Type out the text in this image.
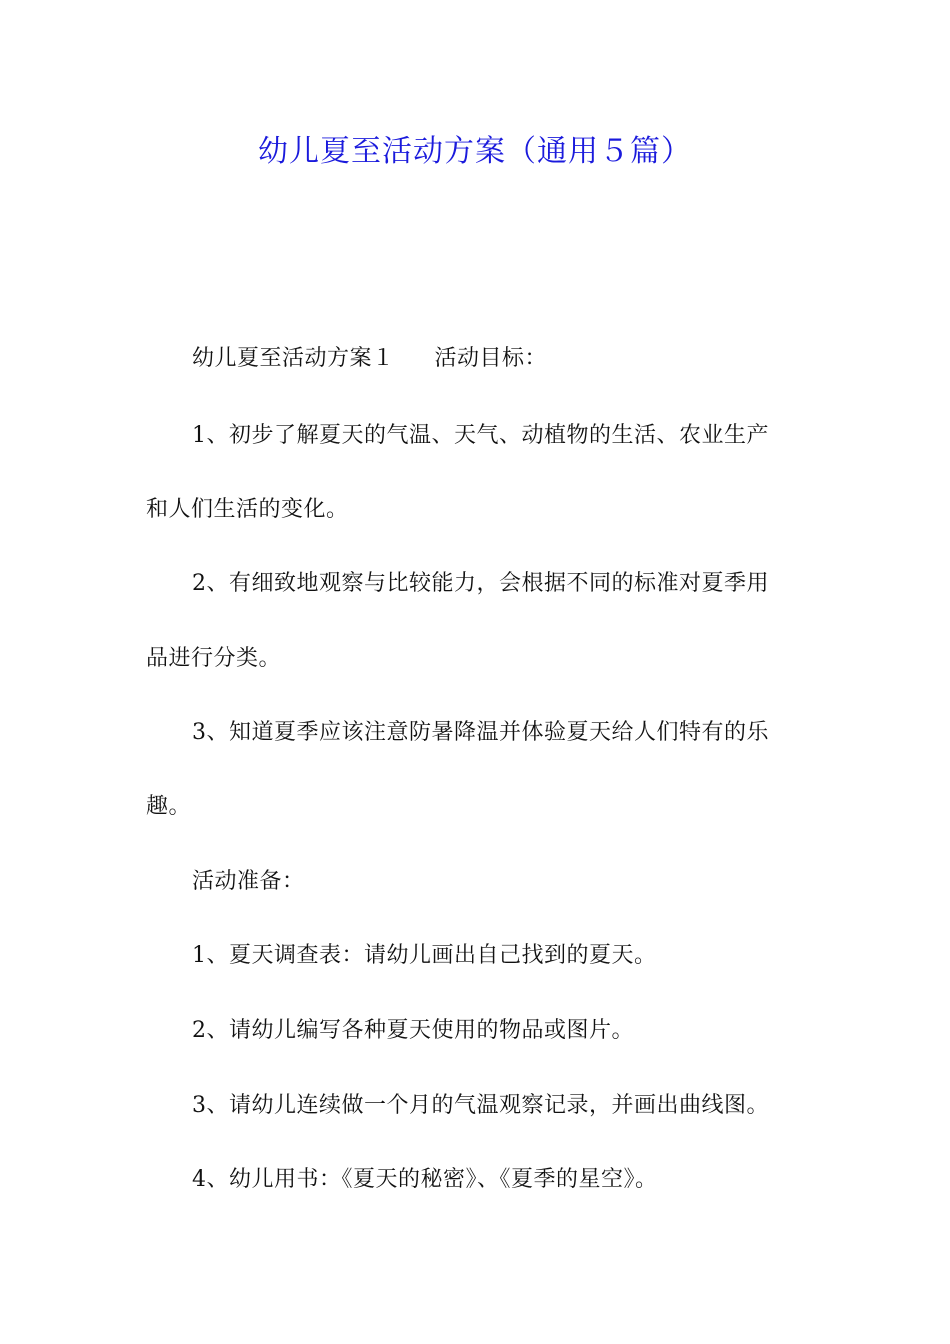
幼儿夏至活动方案（通用５篇）

幼儿夏至活动方案１ 活动目标：

1、初步了解夏天的气温、天气、动植物的生活、农业生产

和人们生活的变化。

2、有细致地观察与比较能力，会根据不同的标准对夏季用

品进行分类。

3、知道夏季应该注意防暑降温并体验夏天给人们特有的乐

趣。

活动准备：

1、夏天调查表：请幼儿画出自己找到的夏天。

2、请幼儿编写各种夏天使用的物品或图片。

3、请幼儿连续做一个月的气温观察记录，并画出曲线图。

4、幼儿用书：《夏天的秘密》、《夏季的星空》。
